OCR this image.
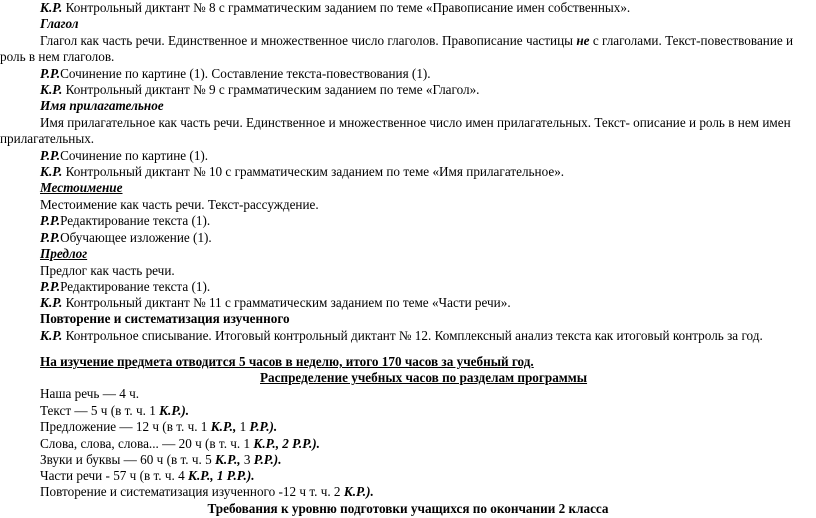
К.Р. Контрольный диктант № 8 с грамматическим заданием по теме «Правописание имен собственных».
Глагол
Глагол как часть речи. Единственное и множественное число глаголов. Правописание частицы не с глаголами. Текст-повествование и
роль в нем глаголов.
Р.Р.Сочинение по картине (1). Составление текста-повествования (1).
К.Р. Контрольный диктант № 9 с грамматическим заданием по теме «Глагол».
Имя прилагательное
Имя прилагательное как часть речи. Единственное и множественное число имен прилагательных. Текст- описание и роль в нем имен
прилагательных.
Р.Р.Сочинение по картине (1).
К.Р. Контрольный диктант № 10 с грамматическим заданием по теме «Имя прилагательное».
Местоимение
Местоимение как часть речи. Текст-рассуждение.
Р.Р.Редактирование текста (1).
Р.Р.Обучающее изложение (1).
Предлог
Предлог как часть речи.
Р.Р.Редактирование текста (1).
К.Р. Контрольный диктант № 11 с грамматическим заданием по теме «Части речи».
Повторение и систематизация изученного
К.Р. Контрольное списывание. Итоговый контрольный диктант № 12. Комплексный анализ текста как итоговый контроль за год.
На изучение предмета отводится 5 часов в неделю, итого 170 часов за учебный год.
Распределение учебных часов по разделам программы
Наша речь — 4 ч.
Текст — 5 ч (в т. ч. 1 К.Р.).
Предложение — 12 ч (в т. ч. 1 К.Р., 1 Р.Р.).
Слова, слова, слова... — 20 ч (в т. ч. 1 К.Р., 2 Р.Р.).
Звуки и буквы — 60 ч (в т. ч. 5 К.Р., 3 Р.Р.).
Части речи - 57 ч (в т. ч. 4 К.Р., 1 Р.Р.).
Повторение и систематизация изученного -12 ч т. ч. 2 К.Р.).
Требования к уровню подготовки учащихся по окончании 2 класса
